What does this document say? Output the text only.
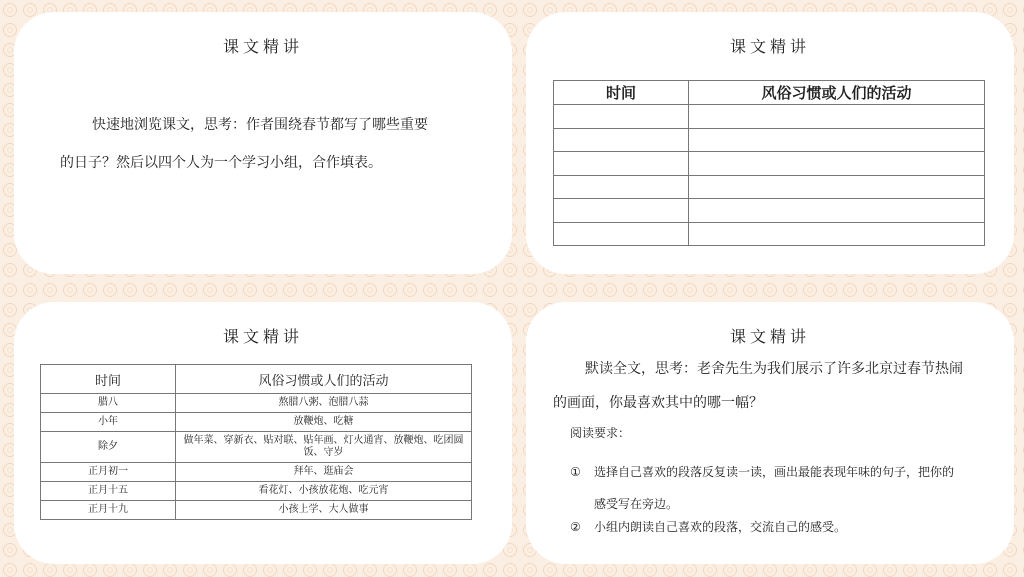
课文精讲
快速地浏览课文，思考：作者围绕春节都写了哪些重要
的日子？然后以四个人为一个学习小组，合作填表。
课文精讲
时间	风俗习惯或人们的活动

课文精讲
时间	风俗习惯或人们的活动
腊八	熬腊八粥、泡腊八蒜
小年	放鞭炮、吃糖
除夕	做年菜、穿新衣、贴对联、贴年画、灯火通宵、放鞭炮、吃团圆饭、守岁
正月初一	拜年、逛庙会
正月十五	看花灯、小孩放花炮、吃元宵
正月十九	小孩上学、大人做事
课文精讲
默读全文，思考：老舍先生为我们展示了许多北京过春节热闹
的画面，你最喜欢其中的哪一幅？
阅读要求：
① 选择自己喜欢的段落反复读一读，画出最能表现年味的句子，把你的
感受写在旁边。
② 小组内朗读自己喜欢的段落，交流自己的感受。
